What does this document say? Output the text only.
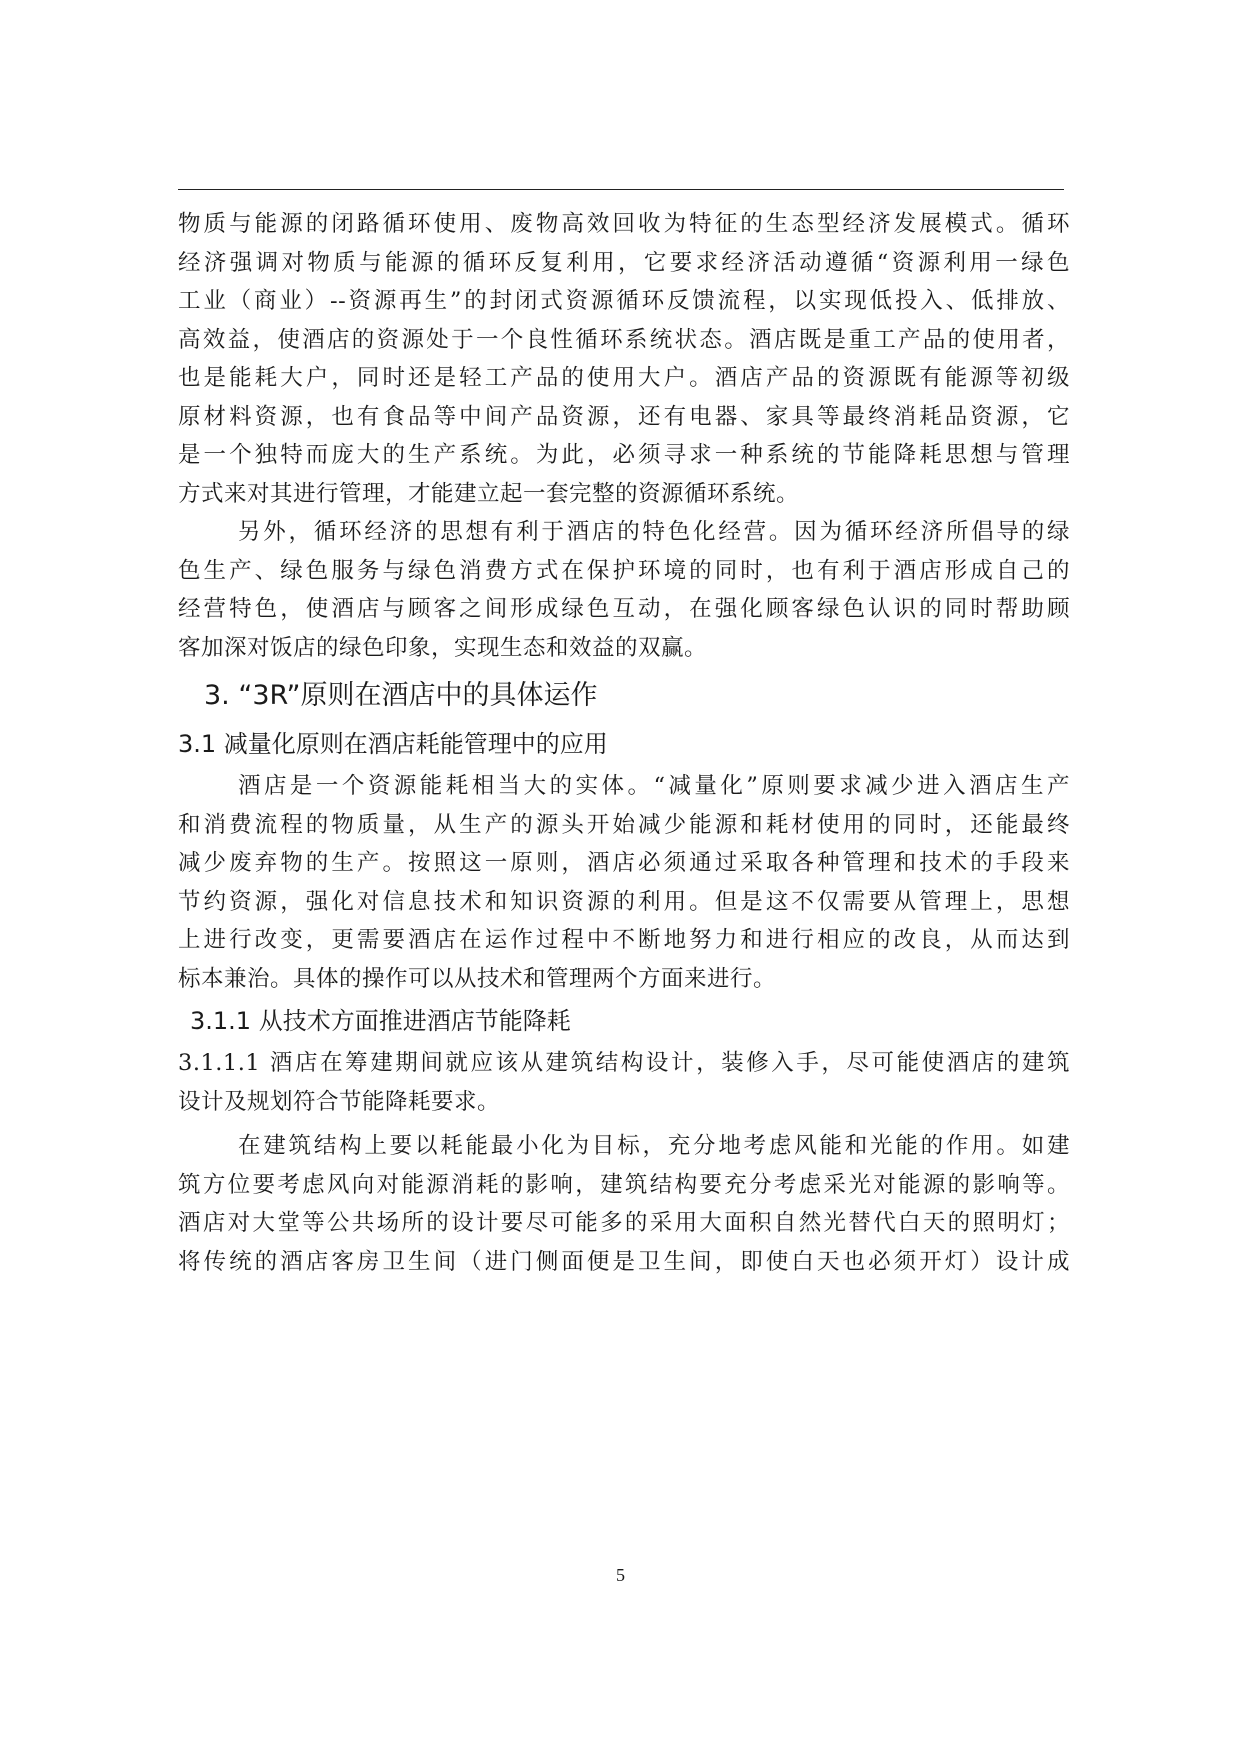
物质与能源的闭路循环使用、废物高效回收为特征的生态型经济发展模式。循环
经济强调对物质与能源的循环反复利用，它要求经济活动遵循“资源利用一绿色
工业（商业）--资源再生”的封闭式资源循环反馈流程，以实现低投入、低排放、
高效益，使酒店的资源处于一个良性循环系统状态。酒店既是重工产品的使用者，
也是能耗大户，同时还是轻工产品的使用大户。酒店产品的资源既有能源等初级
原材料资源，也有食品等中间产品资源，还有电器、家具等最终消耗品资源，它
是一个独特而庞大的生产系统。为此，必须寻求一种系统的节能降耗思想与管理
方式来对其进行管理，才能建立起一套完整的资源循环系统。
另外，循环经济的思想有利于酒店的特色化经营。因为循环经济所倡导的绿
色生产、绿色服务与绿色消费方式在保护环境的同时，也有利于酒店形成自己的
经营特色，使酒店与顾客之间形成绿色互动，在强化顾客绿色认识的同时帮助顾
客加深对饭店的绿色印象，实现生态和效益的双赢。
3. “3R”原则在酒店中的具体运作
3.1 减量化原则在酒店耗能管理中的应用
酒店是一个资源能耗相当大的实体。“减量化”原则要求减少进入酒店生产
和消费流程的物质量，从生产的源头开始减少能源和耗材使用的同时，还能最终
减少废弃物的生产。按照这一原则，酒店必须通过采取各种管理和技术的手段来
节约资源，强化对信息技术和知识资源的利用。但是这不仅需要从管理上，思想
上进行改变，更需要酒店在运作过程中不断地努力和进行相应的改良，从而达到
标本兼治。具体的操作可以从技术和管理两个方面来进行。
3.1.1 从技术方面推进酒店节能降耗
3.1.1.1 酒店在筹建期间就应该从建筑结构设计，装修入手，尽可能使酒店的建筑
设计及规划符合节能降耗要求。
在建筑结构上要以耗能最小化为目标，充分地考虑风能和光能的作用。如建
筑方位要考虑风向对能源消耗的影响，建筑结构要充分考虑采光对能源的影响等。
酒店对大堂等公共场所的设计要尽可能多的采用大面积自然光替代白天的照明灯；
将传统的酒店客房卫生间（进门侧面便是卫生间，即使白天也必须开灯）设计成
5
